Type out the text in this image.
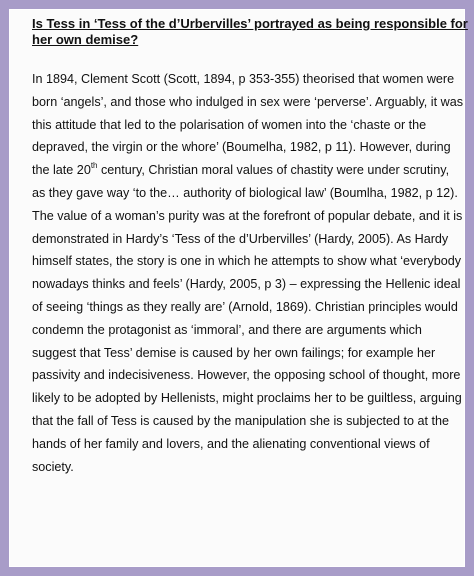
Is Tess in ‘Tess of the d’Urbervilles’ portrayed as being responsible for
her own demise?

In 1894, Clement Scott (Scott, 1894, p 353-355) theorised that women were
born ‘angels’, and those who indulged in sex were ‘perverse’. Arguably, it was
this attitude that led to the polarisation of women into the ‘chaste or the
depraved, the virgin or the whore’ (Boumelha, 1982, p 11). However, during
the late 20th century, Christian moral values of chastity were under scrutiny,
as they gave way ‘to the… authority of biological law’ (Boumlha, 1982, p 12).
The value of a woman’s purity was at the forefront of popular debate, and it is
demonstrated in Hardy’s ‘Tess of the d’Urbervilles’ (Hardy, 2005). As Hardy
himself states, the story is one in which he attempts to show what ‘everybody
nowadays thinks and feels’ (Hardy, 2005, p 3) – expressing the Hellenic ideal
of seeing ‘things as they really are’ (Arnold, 1869). Christian principles would
condemn the protagonist as ‘immoral’, and there are arguments which
suggest that Tess’ demise is caused by her own failings; for example her
passivity and indecisiveness. However, the opposing school of thought, more
likely to be adopted by Hellenists, might proclaims her to be guiltless, arguing
that the fall of Tess is caused by the manipulation she is subjected to at the
hands of her family and lovers, and the alienating conventional views of
society.
